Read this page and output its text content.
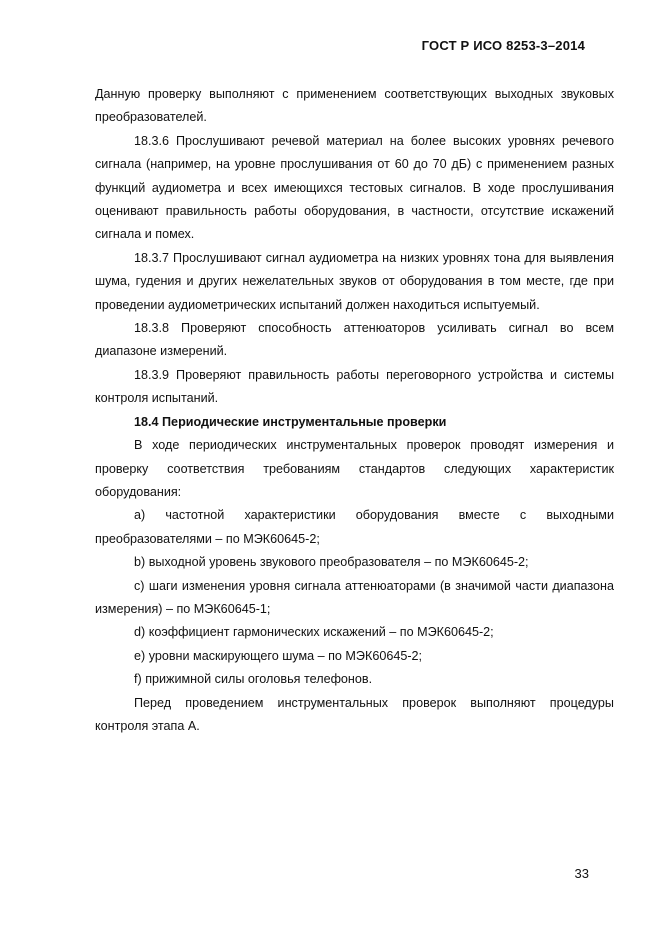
ГОСТ Р ИСО 8253-3–2014

Данную проверку выполняют с применением соответствующих выходных звуковых преобразователей.

18.3.6 Прослушивают речевой материал на более высоких уровнях речевого сигнала (например, на уровне прослушивания от 60 до 70 дБ) с применением разных функций аудиометра и всех имеющихся тестовых сигналов. В ходе прослушивания оценивают правильность работы оборудования, в частности, отсутствие искажений сигнала и помех.

18.3.7 Прослушивают сигнал аудиометра на низких уровнях тона для выявления шума, гудения и других нежелательных звуков от оборудования в том месте, где при проведении аудиометрических испытаний должен находиться испытуемый.

18.3.8 Проверяют способность аттенюаторов усиливать сигнал во всем диапазоне измерений.

18.3.9 Проверяют правильность работы переговорного устройства и системы контроля испытаний.

18.4 Периодические инструментальные проверки

В ходе периодических инструментальных проверок проводят измерения и проверку соответствия требованиям стандартов следующих характеристик оборудования:

а) частотной характеристики оборудования вместе с выходными преобразователями – по МЭК60645-2;

b) выходной уровень звукового преобразователя – по МЭК60645-2;

с) шаги изменения уровня сигнала аттенюаторами (в значимой части диапазона измерения) – по МЭК60645-1;

d) коэффициент гармонических искажений – по МЭК60645-2;

е) уровни маскирующего шума – по МЭК60645-2;

f) прижимной силы оголовья телефонов.

Перед проведением инструментальных проверок выполняют процедуры контроля этапа А.

33
